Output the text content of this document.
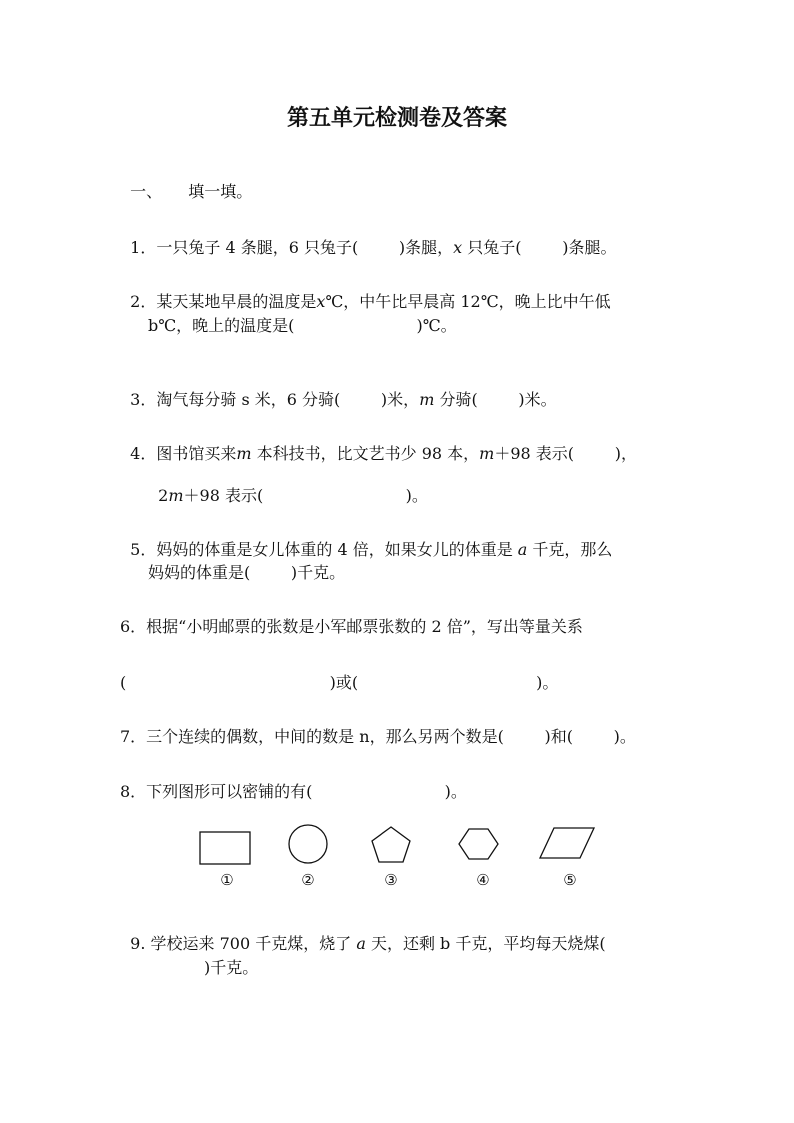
第五单元检测卷及答案

一、 填一填。

1．一只兔子 4 条腿，6 只兔子(        )条腿，x 只兔子(        )条腿。

2．某天某地早晨的温度是x℃，中午比早晨高 12℃，晚上比中午低

b℃，晚上的温度是(                        )℃。

3．淘气每分骑 s 米，6 分骑(        )米，m 分骑(        )米。

4．图书馆买来m 本科技书，比文艺书少 98 本，m＋98 表示(        )，

2m＋98 表示(                            )。

5．妈妈的体重是女儿体重的 4 倍，如果女儿的体重是 a 千克，那么

妈妈的体重是(        )千克。
6．根据“小明邮票的张数是小军邮票张数的 2 倍”，写出等量关系
(                                        )或(                                   )。
7．三个连续的偶数，中间的数是 n，那么另两个数是(        )和(        )。
8．下列图形可以密铺的有(                          )。
①	②	③	④	⑤

9. 学校运来 700 千克煤，烧了 a 天，还剩 b 千克，平均每天烧煤(

)千克。
